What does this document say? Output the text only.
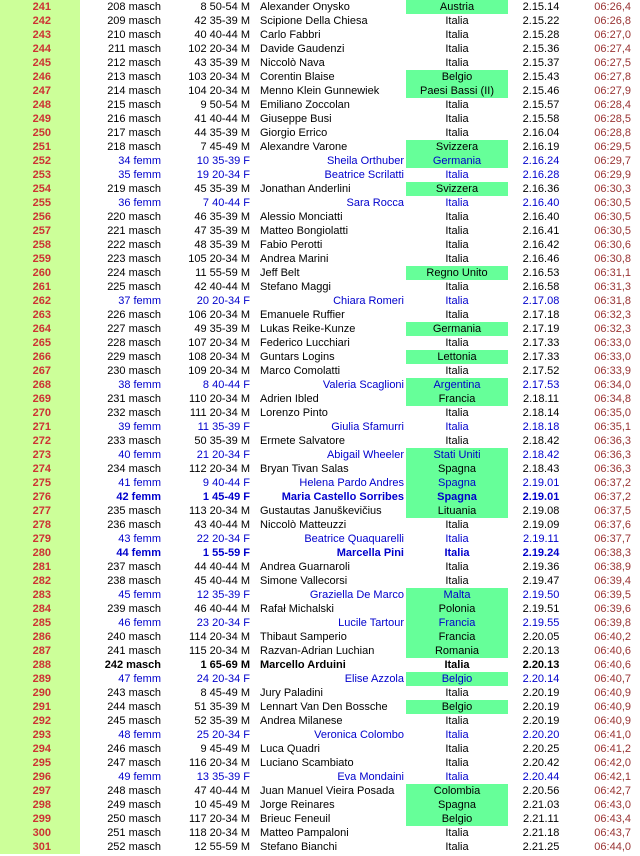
241	208 masch	8 50-54 M	Alexander Onysko	Austria	2.15.14	06:26,4
242	209 masch	42 35-39 M	Scipione Della Chiesa	Italia	2.15.22	06:26,8
243	210 masch	40 40-44 M	Carlo Fabbri	Italia	2.15.28	06:27,0
244	211 masch	102 20-34 M	Davide Gaudenzi	Italia	2.15.36	06:27,4
245	212 masch	43 35-39 M	Niccolò Nava	Italia	2.15.37	06:27,5
246	213 masch	103 20-34 M	Corentin Blaise	Belgio	2.15.43	06:27,8
247	214 masch	104 20-34 M	Menno Klein Gunnewiek	Paesi Bassi (II)	2.15.46	06:27,9
248	215 masch	9 50-54 M	Emiliano Zoccolan	Italia	2.15.57	06:28,4
249	216 masch	41 40-44 M	Giuseppe Busi	Italia	2.15.58	06:28,5
250	217 masch	44 35-39 M	Giorgio Errico	Italia	2.16.04	06:28,8
251	218 masch	7 45-49 M	Alexandre Varone	Svizzera	2.16.19	06:29,5
252	34 femm	10 35-39 F	Sheila Orthuber	Germania	2.16.24	06:29,7
253	35 femm	19 20-34 F	Beatrice Scrilatti	Italia	2.16.28	06:29,9
254	219 masch	45 35-39 M	Jonathan Anderlini	Svizzera	2.16.36	06:30,3
255	36 femm	7 40-44 F	Sara Rocca	Italia	2.16.40	06:30,5
256	220 masch	46 35-39 M	Alessio Monciatti	Italia	2.16.40	06:30,5
257	221 masch	47 35-39 M	Matteo Bongiolatti	Italia	2.16.41	06:30,5
258	222 masch	48 35-39 M	Fabio Perotti	Italia	2.16.42	06:30,6
259	223 masch	105 20-34 M	Andrea Marini	Italia	2.16.46	06:30,8
260	224 masch	11 55-59 M	Jeff Belt	Regno Unito	2.16.53	06:31,1
261	225 masch	42 40-44 M	Stefano Maggi	Italia	2.16.58	06:31,3
262	37 femm	20 20-34 F	Chiara Romeri	Italia	2.17.08	06:31,8
263	226 masch	106 20-34 M	Emanuele Ruffier	Italia	2.17.18	06:32,3
264	227 masch	49 35-39 M	Lukas Reike-Kunze	Germania	2.17.19	06:32,3
265	228 masch	107 20-34 M	Federico Lucchiari	Italia	2.17.33	06:33,0
266	229 masch	108 20-34 M	Guntars Logins	Lettonia	2.17.33	06:33,0
267	230 masch	109 20-34 M	Marco Comolatti	Italia	2.17.52	06:33,9
268	38 femm	8 40-44 F	Valeria Scaglioni	Argentina	2.17.53	06:34,0
269	231 masch	110 20-34 M	Adrien Ibled	Francia	2.18.11	06:34,8
270	232 masch	111 20-34 M	Lorenzo Pinto	Italia	2.18.14	06:35,0
271	39 femm	11 35-39 F	Giulia Sfamurri	Italia	2.18.18	06:35,1
272	233 masch	50 35-39 M	Ermete Salvatore	Italia	2.18.42	06:36,3
273	40 femm	21 20-34 F	Abigail Wheeler	Stati Uniti	2.18.42	06:36,3
274	234 masch	112 20-34 M	Bryan Tivan Salas	Spagna	2.18.43	06:36,3
275	41 femm	9 40-44 F	Helena Pardo Andres	Spagna	2.19.01	06:37,2
276	42 femm	1 45-49 F	Maria Castello Sorribes	Spagna	2.19.01	06:37,2
277	235 masch	113 20-34 M	Gustautas Januškevičius	Lituania	2.19.08	06:37,5
278	236 masch	43 40-44 M	Niccolò Matteuzzi	Italia	2.19.09	06:37,6
279	43 femm	22 20-34 F	Beatrice Quaquarelli	Italia	2.19.11	06:37,7
280	44 femm	1 55-59 F	Marcella Pini	Italia	2.19.24	06:38,3
281	237 masch	44 40-44 M	Andrea Guarnaroli	Italia	2.19.36	06:38,9
282	238 masch	45 40-44 M	Simone Vallecorsi	Italia	2.19.47	06:39,4
283	45 femm	12 35-39 F	Graziella De Marco	Malta	2.19.50	06:39,5
284	239 masch	46 40-44 M	Rafał Michalski	Polonia	2.19.51	06:39,6
285	46 femm	23 20-34 F	Lucile Tartour	Francia	2.19.55	06:39,8
286	240 masch	114 20-34 M	Thibaut Samperio	Francia	2.20.05	06:40,2
287	241 masch	115 20-34 M	Razvan-Adrian Luchian	Romania	2.20.13	06:40,6
288	242 masch	1 65-69 M	Marcello Arduini	Italia	2.20.13	06:40,6
289	47 femm	24 20-34 F	Elise Azzola	Belgio	2.20.14	06:40,7
290	243 masch	8 45-49 M	Jury Paladini	Italia	2.20.19	06:40,9
291	244 masch	51 35-39 M	Lennart Van Den Bossche	Belgio	2.20.19	06:40,9
292	245 masch	52 35-39 M	Andrea Milanese	Italia	2.20.19	06:40,9
293	48 femm	25 20-34 F	Veronica Colombo	Italia	2.20.20	06:41,0
294	246 masch	9 45-49 M	Luca Quadri	Italia	2.20.25	06:41,2
295	247 masch	116 20-34 M	Luciano Scambiato	Italia	2.20.42	06:42,0
296	49 femm	13 35-39 F	Eva Mondaini	Italia	2.20.44	06:42,1
297	248 masch	47 40-44 M	Juan Manuel Vieira Posada	Colombia	2.20.56	06:42,7
298	249 masch	10 45-49 M	Jorge Reinares	Spagna	2.21.03	06:43,0
299	250 masch	117 20-34 M	Brieuc Feneuil	Belgio	2.21.11	06:43,4
300	251 masch	118 20-34 M	Matteo Pampaloni	Italia	2.21.18	06:43,7
301	252 masch	12 55-59 M	Stefano Bianchi	Italia	2.21.25	06:44,0
